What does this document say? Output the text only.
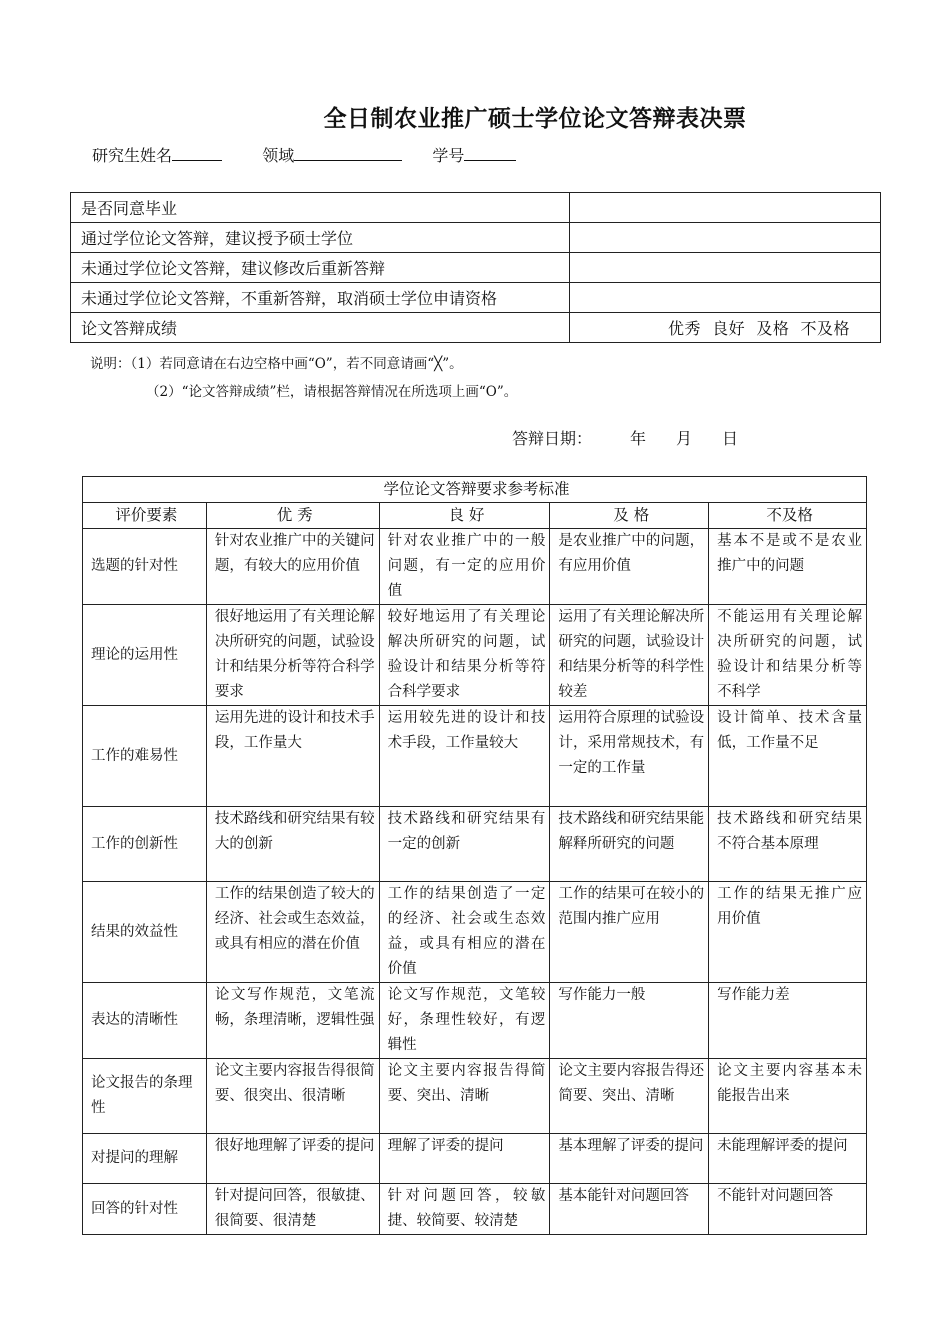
全日制农业推广硕士学位论文答辩表决票
研究生姓名	领域	学号
是否同意毕业	
通过学位论文答辩，建议授予硕士学位	
未通过学位论文答辩，建议修改后重新答辩	
未通过学位论文答辩，不重新答辩，取消硕士学位申请资格	
论文答辩成绩	优秀  良好  及格  不及格
说明：（1）若同意请在右边空格中画“O”，若不同意请画“╳”。
（2）“论文答辩成绩”栏，请根据答辩情况在所选项上画“O”。
答辩日期： 年 月 日
学位论文答辩要求参考标准				
评价要素	优 秀	良 好	及 格	不及格
选题的针对性	针对农业推广中的关键问题，有较大的应用价值	针对农业推广中的一般问题，有一定的应用价值	是农业推广中的问题，有应用价值	基本不是或不是农业推广中的问题
理论的运用性	很好地运用了有关理论解决所研究的问题，试验设计和结果分析等符合科学要求	较好地运用了有关理论解决所研究的问题，试验设计和结果分析等符合科学要求	运用了有关理论解决所研究的问题，试验设计和结果分析等的科学性较差	不能运用有关理论解决所研究的问题，试验设计和结果分析等不科学
工作的难易性	运用先进的设计和技术手段，工作量大	运用较先进的设计和技术手段，工作量较大	运用符合原理的试验设计，采用常规技术，有一定的工作量	设计简单、技术含量低，工作量不足
工作的创新性	技术路线和研究结果有较大的创新	技术路线和研究结果有一定的创新	技术路线和研究结果能解释所研究的问题	技术路线和研究结果不符合基本原理
结果的效益性	工作的结果创造了较大的经济、社会或生态效益，或具有相应的潜在价值	工作的结果创造了一定的经济、社会或生态效益，或具有相应的潜在价值	工作的结果可在较小的范围内推广应用	工作的结果无推广应用价值
表达的清晰性	论文写作规范，文笔流畅，条理清晰，逻辑性强	论文写作规范，文笔较好，条理性较好，有逻辑性	写作能力一般	写作能力差
论文报告的条理性	论文主要内容报告得很简要、很突出、很清晰	论文主要内容报告得简要、突出、清晰	论文主要内容报告得还简要、突出、清晰	论文主要内容基本未能报告出来
对提问的理解	很好地理解了评委的提问	理解了评委的提问	基本理解了评委的提问	未能理解评委的提问
回答的针对性	针对提问回答，很敏捷、很简要、很清楚	针对问题回答，较敏捷、较简要、较清楚	基本能针对问题回答	不能针对问题回答
